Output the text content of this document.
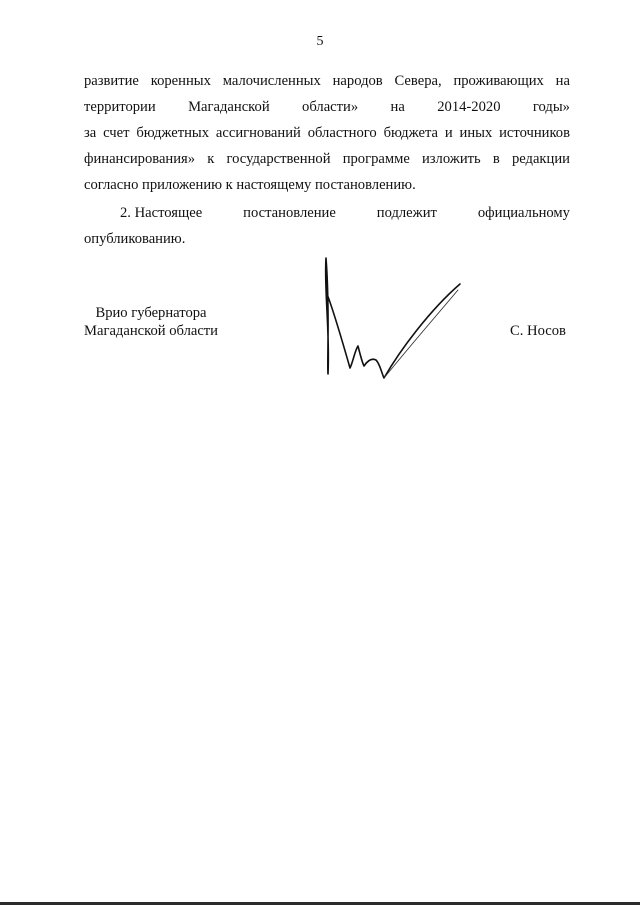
5
развитие коренных малочисленных народов Севера, проживающих на
территории Магаданской области» на 2014-2020 годы»
за счет бюджетных ассигнований областного бюджета и иных источников
финансирования» к государственной программе изложить в редакции
согласно приложению к настоящему постановлению.
2. Настоящее	постановление	подлежит	официальному
опубликованию.
Врио губернатора
Магаданской области	С. Носов
